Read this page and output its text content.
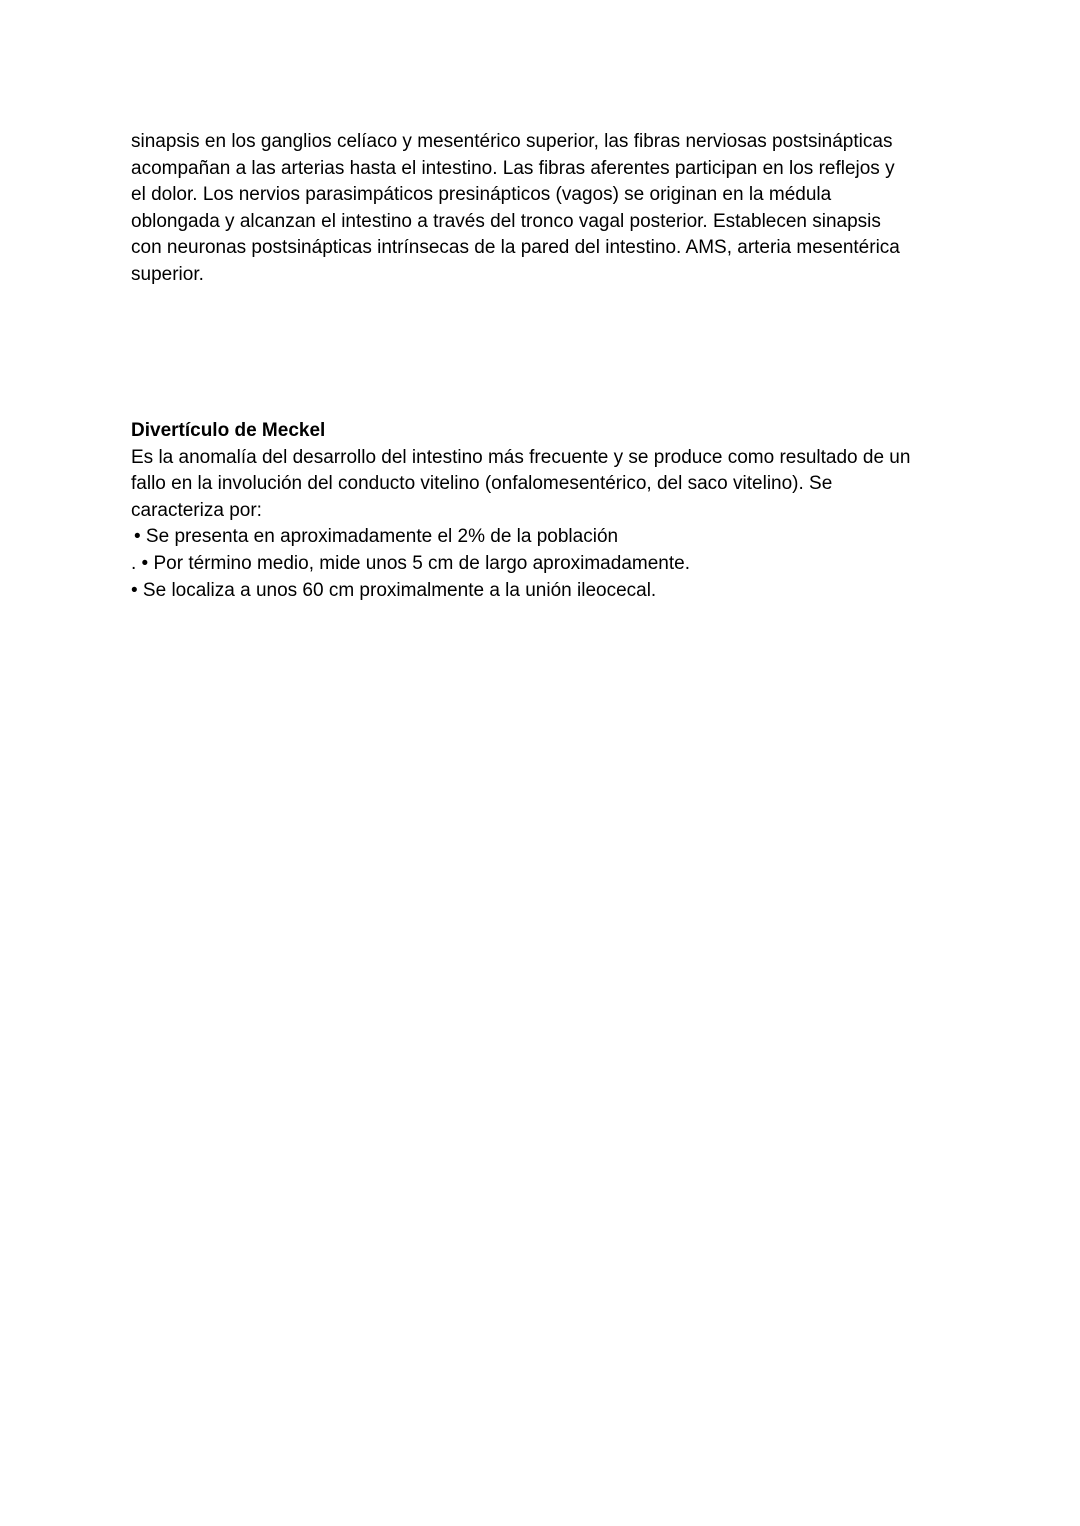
sinapsis en los ganglios celíaco y mesentérico superior, las fibras nerviosas postsinápticas
acompañan a las arterias hasta el intestino. Las fibras aferentes participan en los reflejos y
el dolor. Los nervios parasimpáticos presinápticos (vagos) se originan en la médula
oblongada y alcanzan el intestino a través del tronco vagal posterior. Establecen sinapsis
con neuronas postsinápticas intrínsecas de la pared del intestino. AMS, arteria mesentérica
superior.
Divertículo de Meckel
Es la anomalía del desarrollo del intestino más frecuente y se produce como resultado de un
fallo en la involución del conducto vitelino (onfalomesentérico, del saco vitelino). Se
caracteriza por:
• Se presenta en aproximadamente el 2% de la población
. • Por término medio, mide unos 5 cm de largo aproximadamente.
• Se localiza a unos 60 cm proximalmente a la unión ileocecal.
